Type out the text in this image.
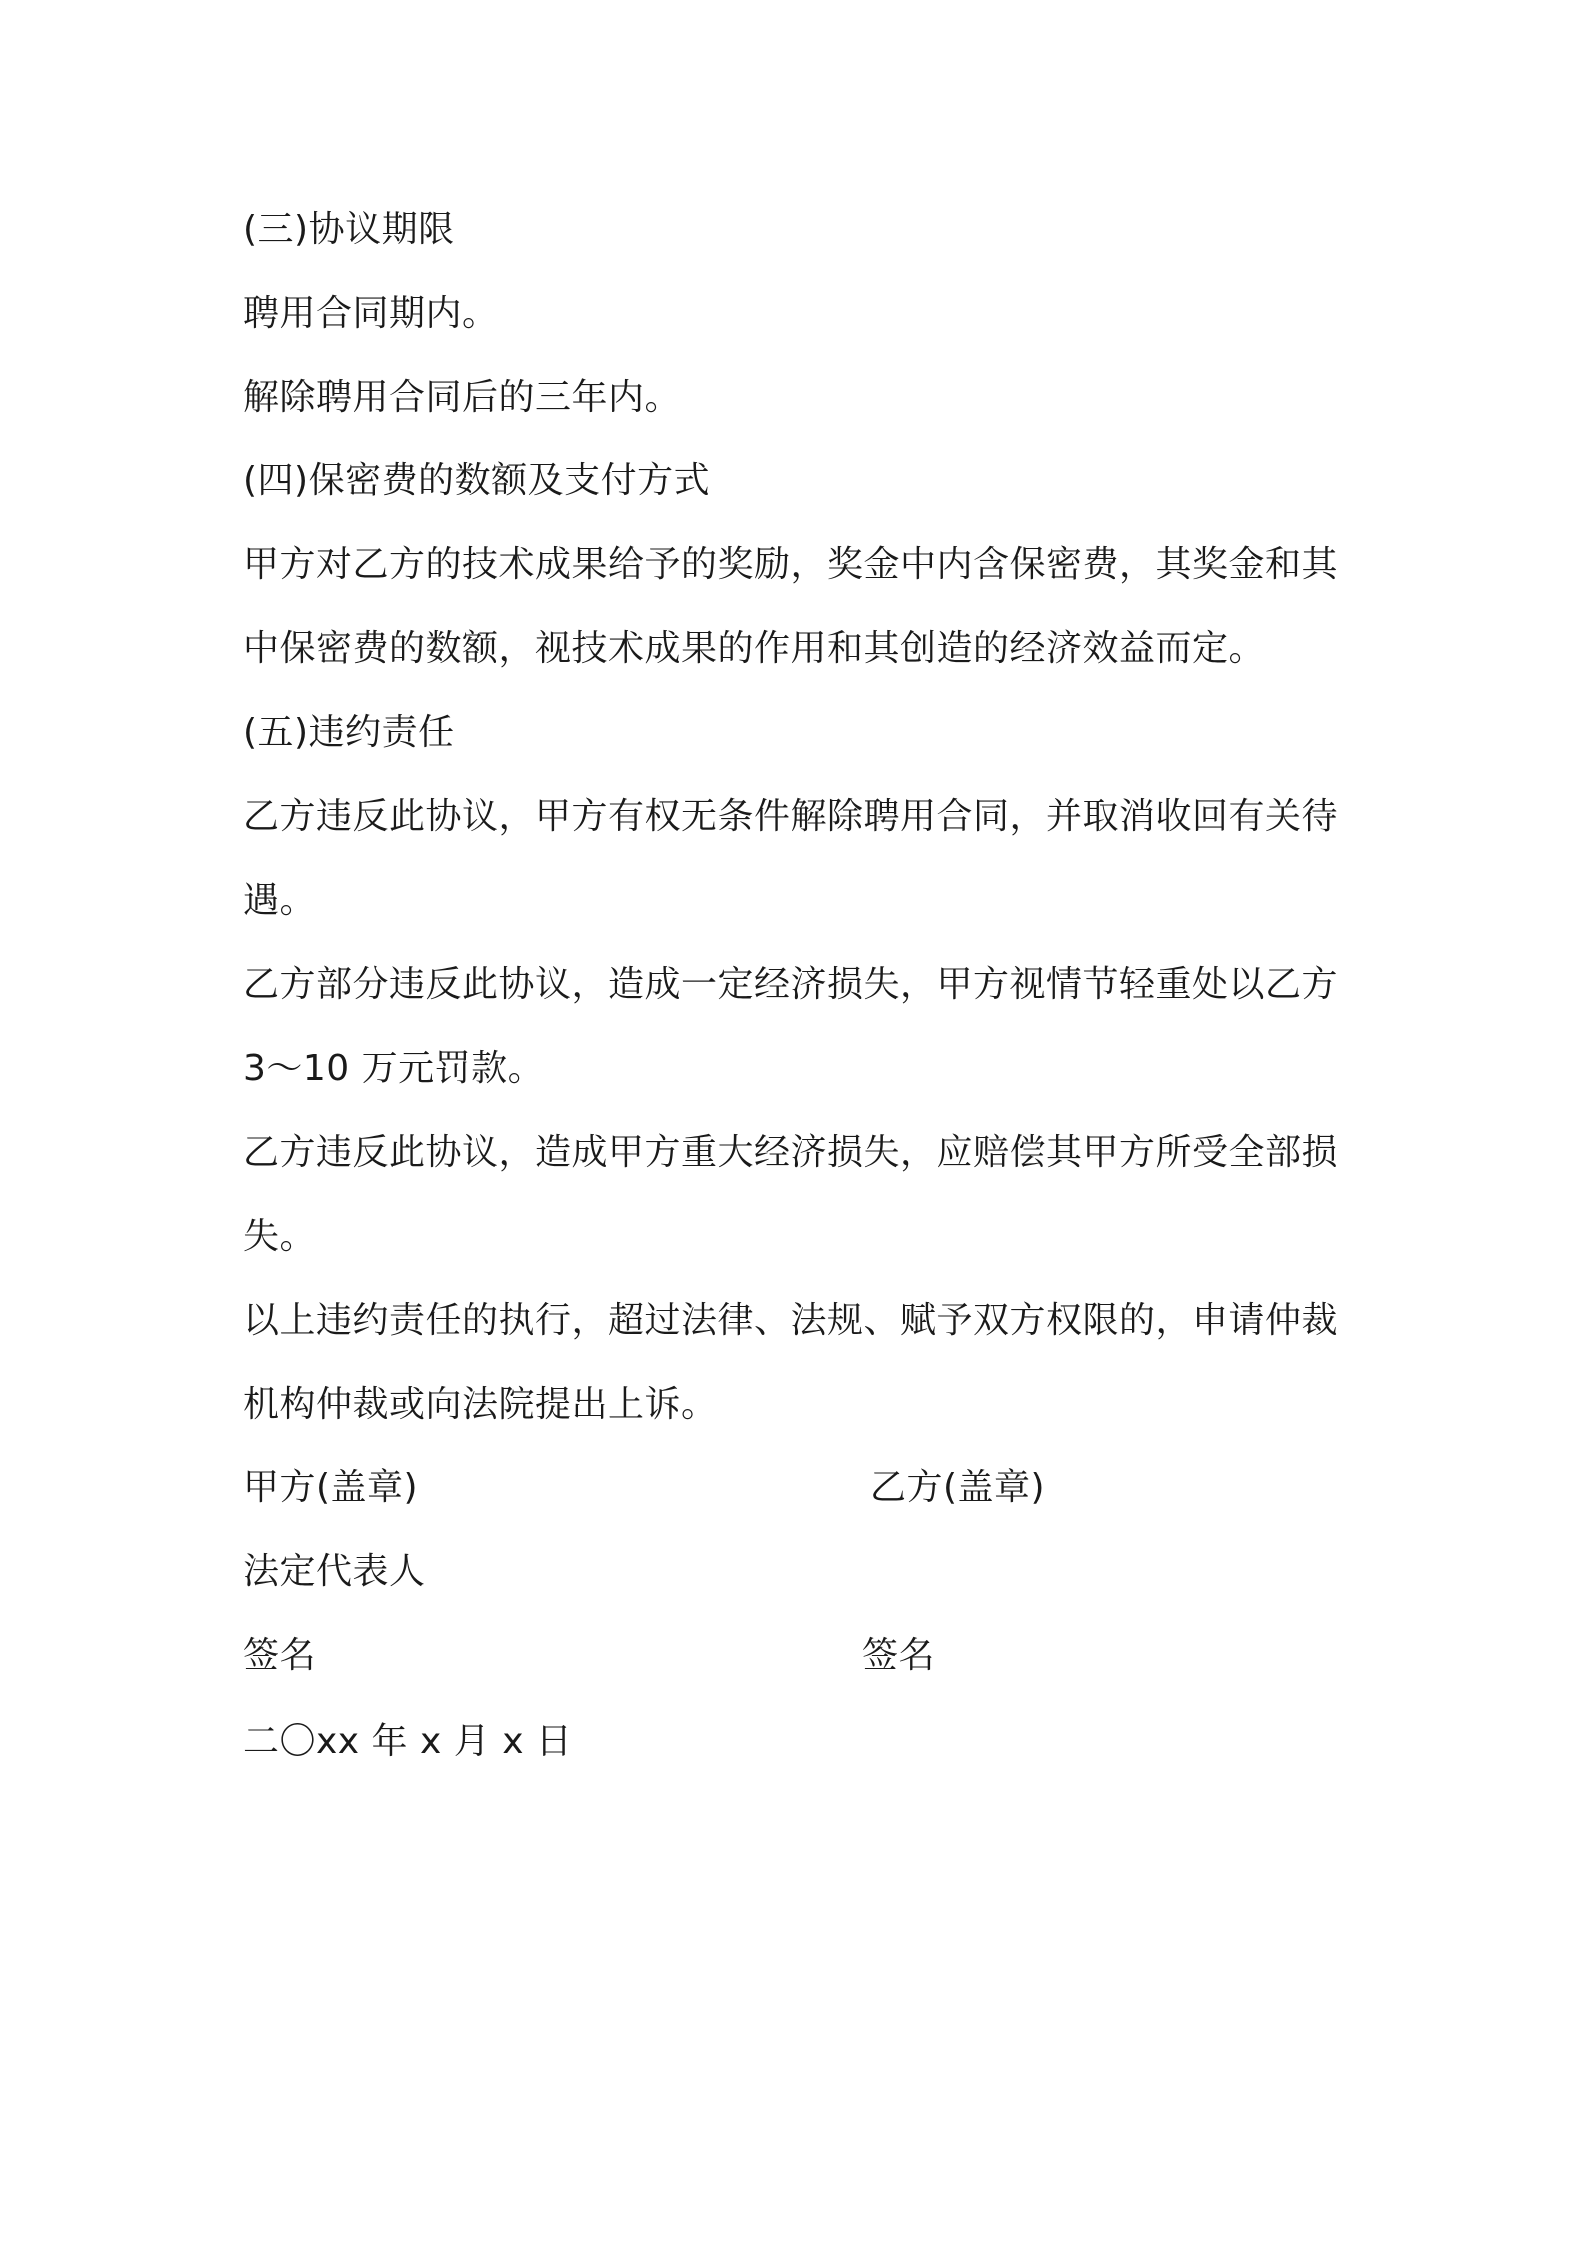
(三)协议期限
聘用合同期内。
解除聘用合同后的三年内。
(四)保密费的数额及支付方式
甲方对乙方的技术成果给予的奖励，奖金中内含保密费，其奖金和其
中保密费的数额，视技术成果的作用和其创造的经济效益而定。
(五)违约责任
乙方违反此协议，甲方有权无条件解除聘用合同，并取消收回有关待
遇。
乙方部分违反此协议，造成一定经济损失，甲方视情节轻重处以乙方
3～10 万元罚款。
乙方违反此协议，造成甲方重大经济损失，应赔偿其甲方所受全部损
失。
以上违约责任的执行，超过法律、法规、赋予双方权限的，申请仲裁
机构仲裁或向法院提出上诉。
甲方(盖章)	乙方(盖章)
法定代表人
签名	签名
二〇xx 年 x 月 x 日
